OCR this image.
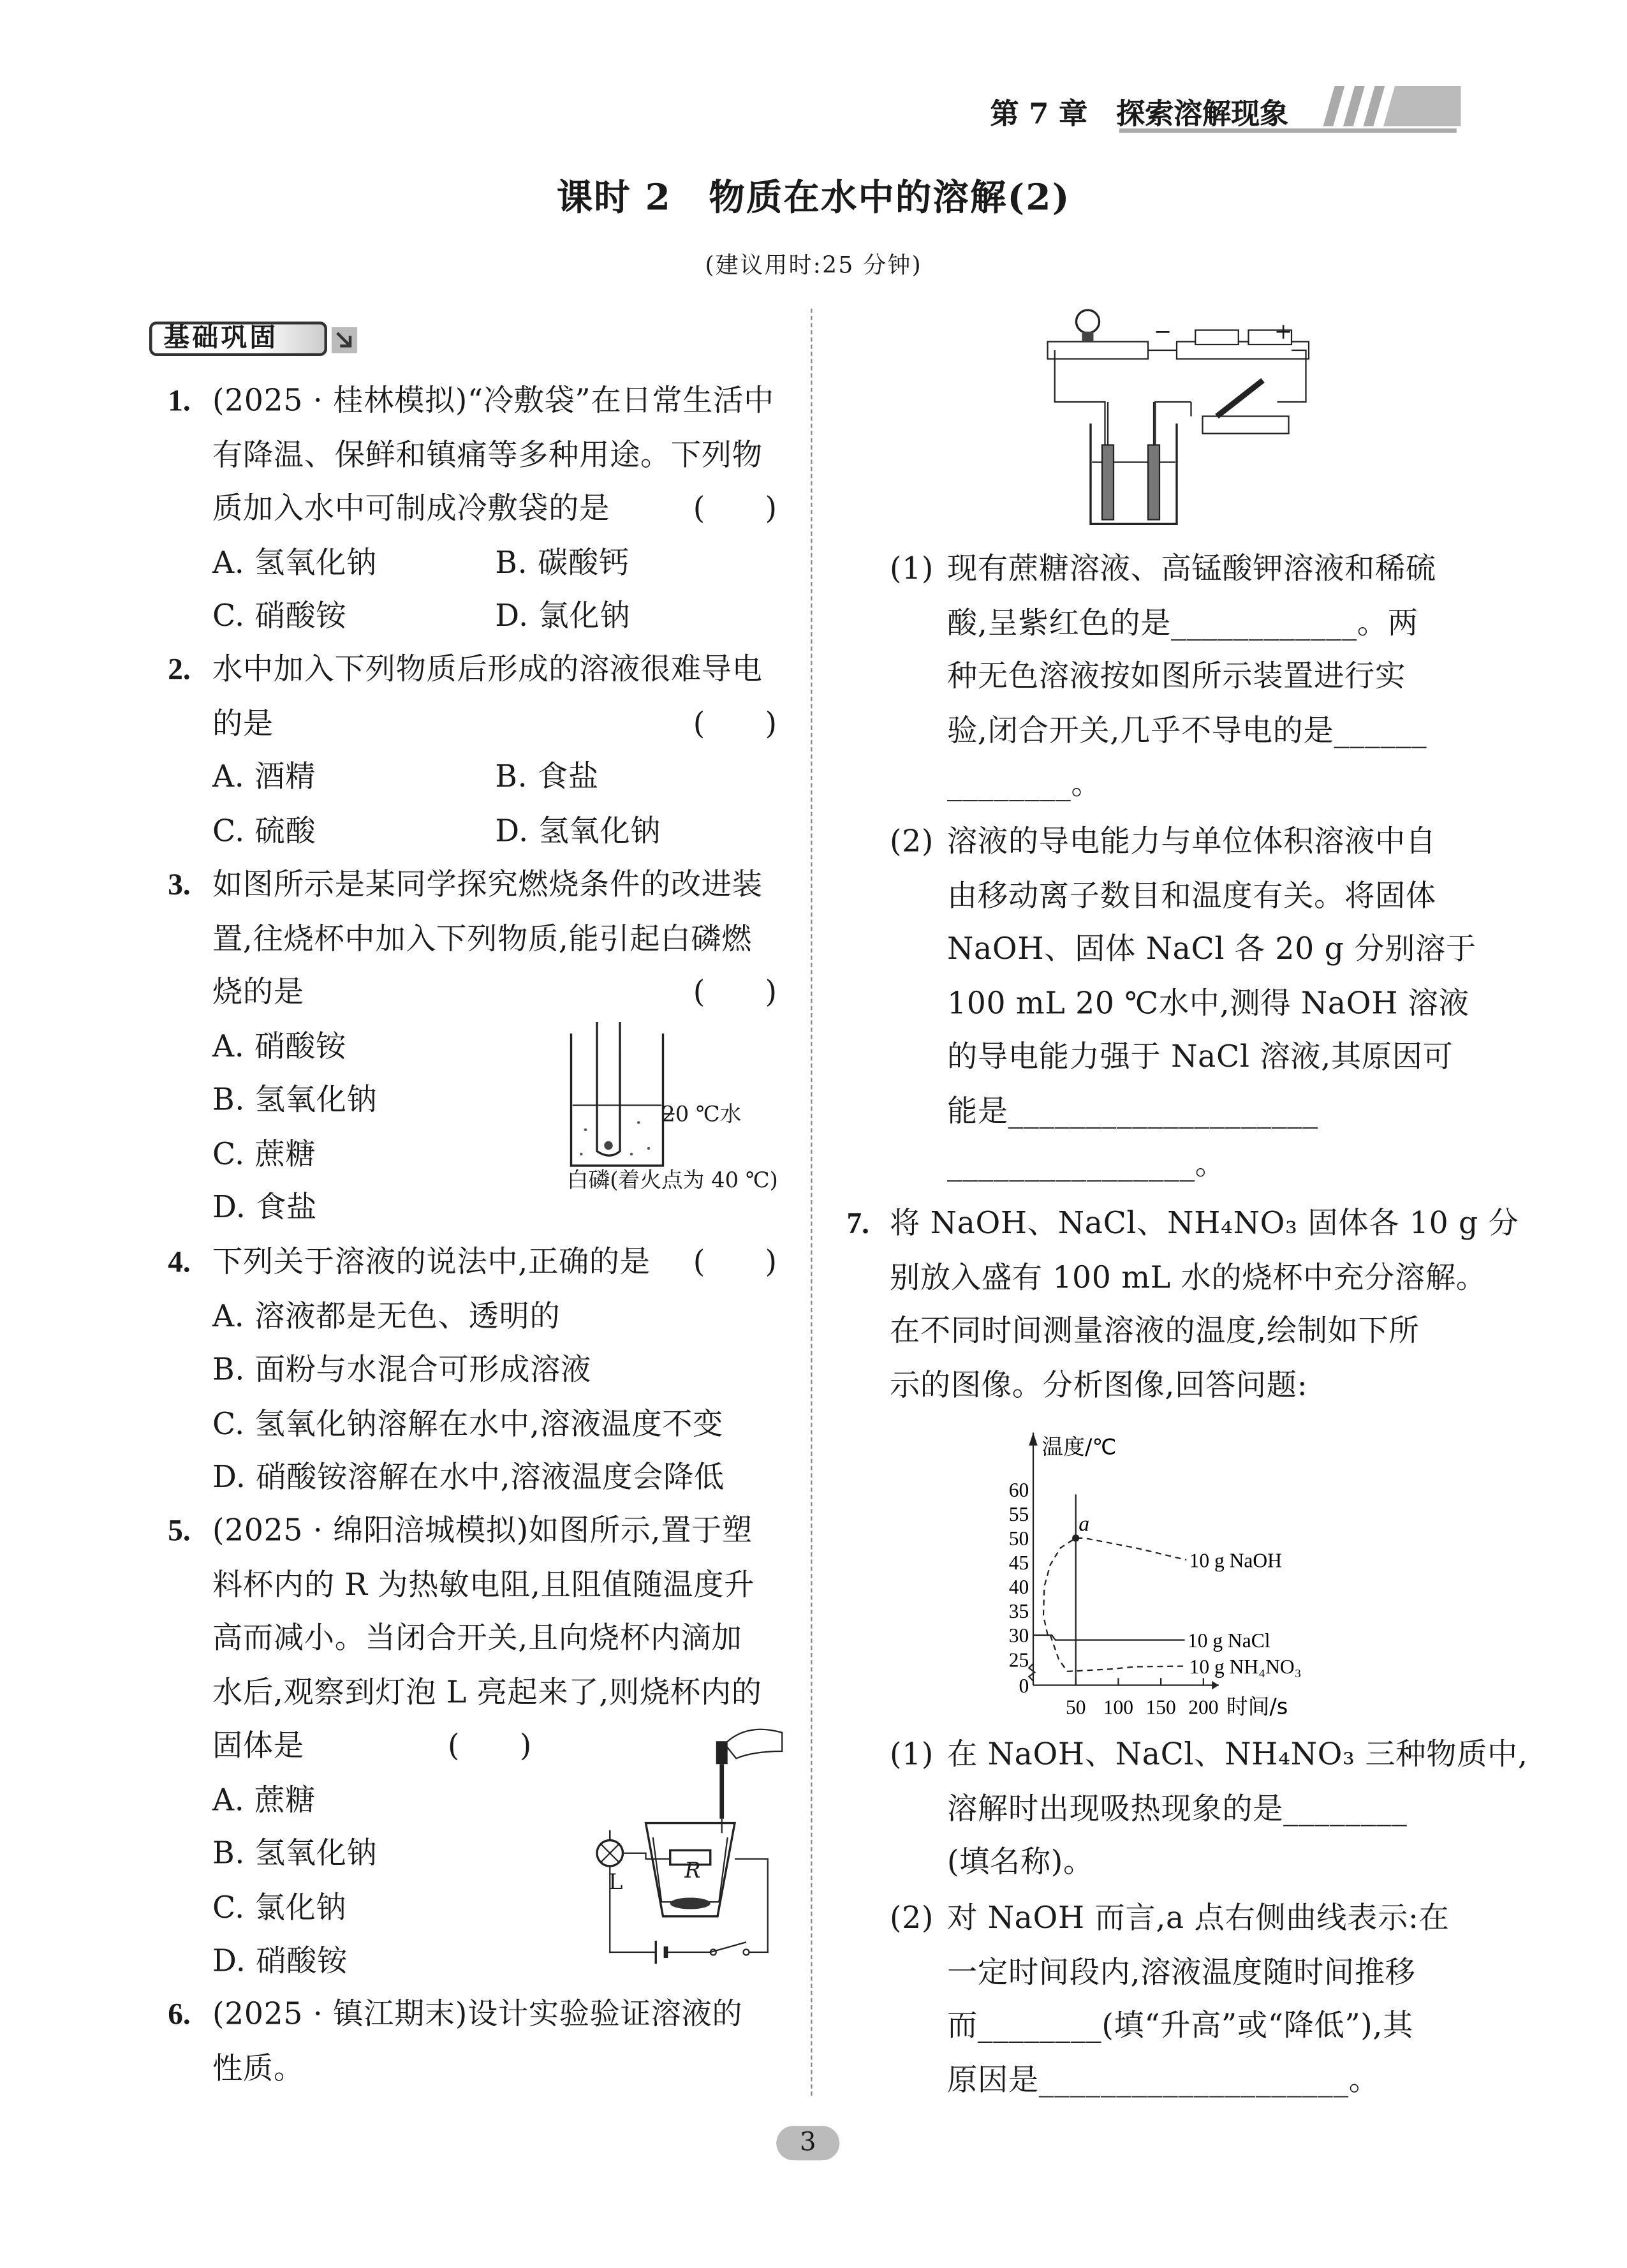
第 7 章　探索溶解现象
课时 2　物质在水中的溶解(2)
(建议用时:25 分钟)
基础巩固
1. (2025 · 桂林模拟)“冷敷袋”在日常生活中
有降温、保鲜和镇痛等多种用途。下列物
质加入水中可制成冷敷袋的是	(　　)
A. 氢氧化钠	B. 碳酸钙
C. 硝酸铵	D. 氯化钠
2. 水中加入下列物质后形成的溶液很难导电
的是	(　　)
A. 酒精	B. 食盐
C. 硫酸	D. 氢氧化钠
3. 如图所示是某同学探究燃烧条件的改进装
置,往烧杯中加入下列物质,能引起白磷燃
烧的是	(　　)
A. 硝酸铵
B. 氢氧化钠
C. 蔗糖
D. 食盐
4. 下列关于溶液的说法中,正确的是	(　　)
A. 溶液都是无色、透明的
B. 面粉与水混合可形成溶液
C. 氢氧化钠溶解在水中,溶液温度不变
D. 硝酸铵溶解在水中,溶液温度会降低
5. (2025 · 绵阳涪城模拟)如图所示,置于塑
料杯内的 R 为热敏电阻,且阻值随温度升
高而减小。当闭合开关,且向烧杯内滴加
水后,观察到灯泡 L 亮起来了,则烧杯内的
固体是	(　　)
A. 蔗糖
B. 氢氧化钠
C. 氯化钠
D. 硝酸铵
6. (2025 · 镇江期末)设计实验验证溶液的
性质。
(1) 现有蔗糖溶液、高锰酸钾溶液和稀硫
酸,呈紫红色的是____________。两
种无色溶液按如图所示装置进行实
验,闭合开关,几乎不导电的是______
________。
(2) 溶液的导电能力与单位体积溶液中自
由移动离子数目和温度有关。将固体
NaOH、固体 NaCl 各 20 g 分别溶于
100 mL 20 ℃水中,测得 NaOH 溶液
的导电能力强于 NaCl 溶液,其原因可
能是____________________
________________。
7. 将 NaOH、NaCl、NH₄NO₃ 固体各 10 g 分
别放入盛有 100 mL 水的烧杯中充分溶解。
在不同时间测量溶液的温度,绘制如下所
示的图像。分析图像,回答问题:
(1) 在 NaOH、NaCl、NH₄NO₃ 三种物质中,
溶解时出现吸热现象的是________
(填名称)。
(2) 对 NaOH 而言,a 点右侧曲线表示:在
一定时间段内,溶液温度随时间推移
而________(填“升高”或“降低”),其
原因是____________________。
20 ℃水
白磷(着火点为 40 ℃)
L	R
−	+
温度/℃
时间/s
0
25
30
35
40
45
50
55
60
50 100 150 200
10 g NaOH
10 g NaCl
10 g NH₄NO₃
a
3
